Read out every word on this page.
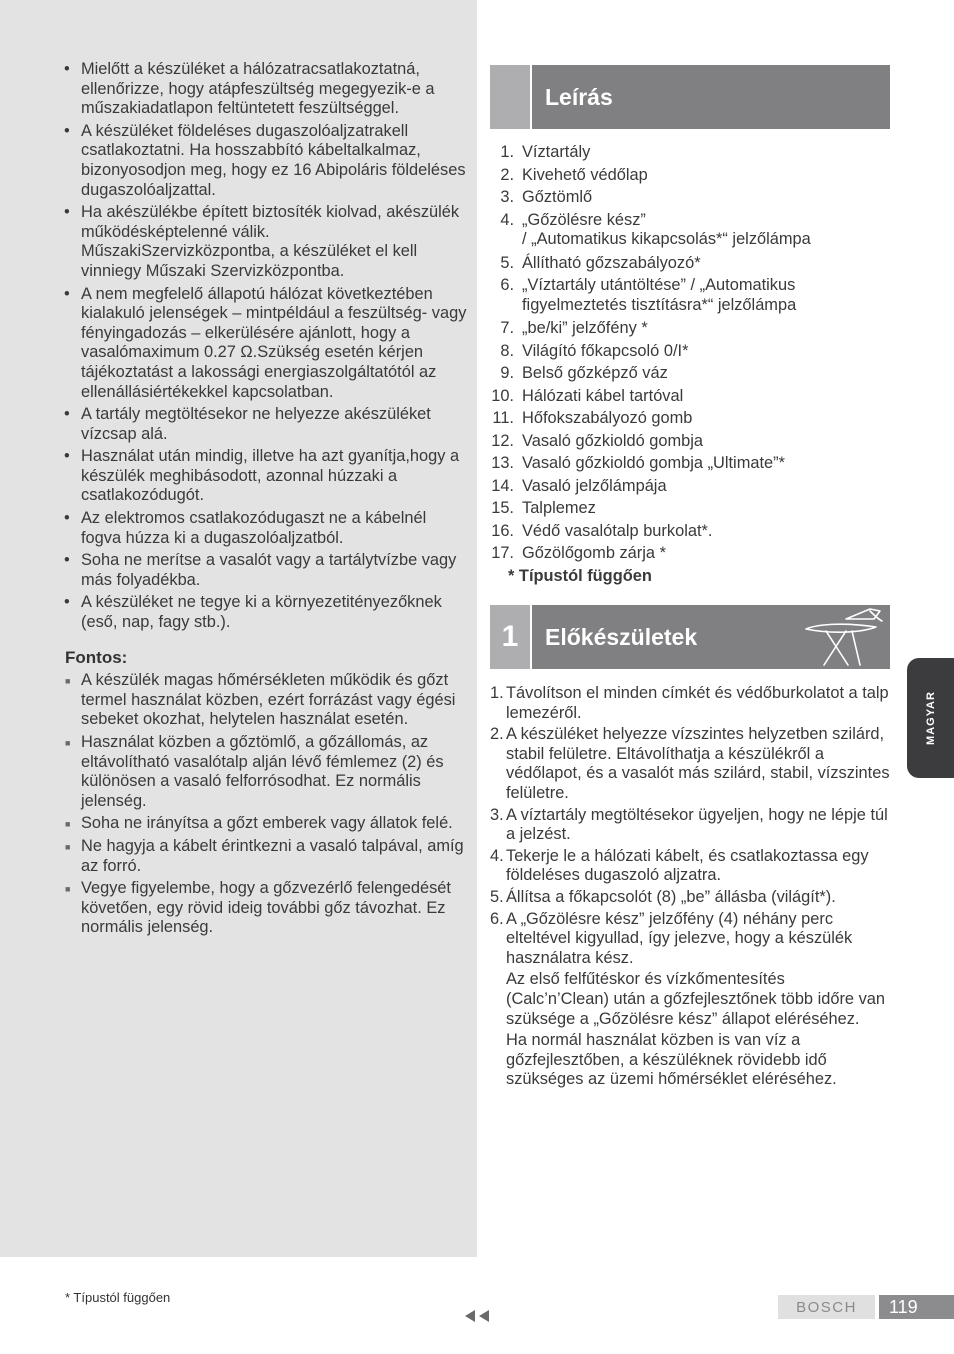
• Mielőtt a készüléket a hálózatracsatlakoztatná, ellenőrizze, hogy atápfeszültség megegyezik-e a műszakiadatlapon feltüntetett feszültséggel.
• A készüléket földeléses dugaszolóaljzatrakell csatlakoztatni. Ha hosszabbító kábeltalkalmaz, bizonyosodjon meg, hogy ez 16 Abipoláris földeléses dugaszolóaljzattal.
• Ha akészülékbe épített biztosíték kiolvad, akészülék működésképtelenné válik. MűszakiSzervizközpontba, a készüléket el kell vinniegy Műszaki Szervizközpontba.
• A nem megfelelő állapotú hálózat következtében kialakuló jelenségek – mintpéldául a feszültség- vagy fényingadozás – elkerülésére ajánlott, hogy a vasalómaximum 0.27 Ω.Szükség esetén kérjen tájékoztatást a lakossági energiaszolgáltatótól az ellenállásiértékekkel kapcsolatban.
• A tartály megtöltésekor ne helyezze akészüléket vízcsap alá.
• Használat után mindig, illetve ha azt gyanítja,hogy a készülék meghibásodott, azonnal húzzaki a csatlakozódugót.
• Az elektromos csatlakozódugaszt ne a kábelnél fogva húzza ki a dugaszolóaljzatból.
• Soha ne merítse a vasalót vagy a tartálytvízbe vagy más folyadékba.
• A készüléket ne tegye ki a környezetitényezőknek (eső, nap, fagy stb.).
Fontos:
■ A készülék magas hőmérsékleten működik és gőzt termel használat közben, ezért forrázást vagy égési sebeket okozhat, helytelen használat esetén.
■ Használat közben a gőztömlő, a gőzállomás, az eltávolítható vasalótalp alján lévő fémlemez (2) és különösen a vasaló felforrósodhat. Ez normális jelenség.
■ Soha ne irányítsa a gőzt emberek vagy állatok felé.
■ Ne hagyja a kábelt érintkezni a vasaló talpával, amíg az forró.
■ Vegye figyelembe, hogy a gőzvezérlő felengedését követően, egy rövid ideig további gőz távozhat. Ez normális jelenség.
Leírás
1. Víztartály
2. Kivehető védőlap
3. Gőztömlő
4. „Gőzölésre kész”
/ „Automatikus kikapcsolás*“ jelzőlámpa
5. Állítható gőzszabályozó*
6. „Víztartály utántöltése” / „Automatikus
figyelmeztetés tisztításra*“ jelzőlámpa
7. „be/ki” jelzőfény *
8. Világító főkapcsoló 0/I*
9. Belső gőzképző váz
10. Hálózati kábel tartóval
11. Hőfokszabályozó gomb
12. Vasaló gőzkioldó gombja
13. Vasaló gőzkioldó gombja „Ultimate”*
14. Vasaló jelzőlámpája
15. Talplemez
16. Védő vasalótalp burkolat*.
17. Gőzölőgomb zárja *
* Típustól függően
1	Előkészületek
1. Távolítson el minden címkét és védőburkolatot a talp lemezéről.
2. A készüléket helyezze vízszintes helyzetben szilárd, stabil felületre. Eltávolíthatja a készülékről a védőlapot, és a vasalót más szilárd, stabil, vízszintes felületre.
3. A víztartály megtöltésekor ügyeljen, hogy ne lépje túl a jelzést.
4. Tekerje le a hálózati kábelt, és csatlakoztassa egy földeléses dugaszoló aljzatra.
5. Állítsa a főkapcsolót (8) „be” állásba (világít*).
6. A „Gőzölésre kész” jelzőfény (4) néhány perc elteltével kigyullad, így jelezve, hogy a készülék használatra kész.
Az első felfűtéskor és vízkőmentesítés (Calc’n’Clean) után a gőzfejlesztőnek több időre van szüksége a „Gőzölésre kész” állapot eléréséhez.
Ha normál használat közben is van víz a gőzfejlesztőben, a készüléknek rövidebb idő szükséges az üzemi hőmérséklet eléréséhez.
MAGYAR
* Típustól függően
BOSCH	119
